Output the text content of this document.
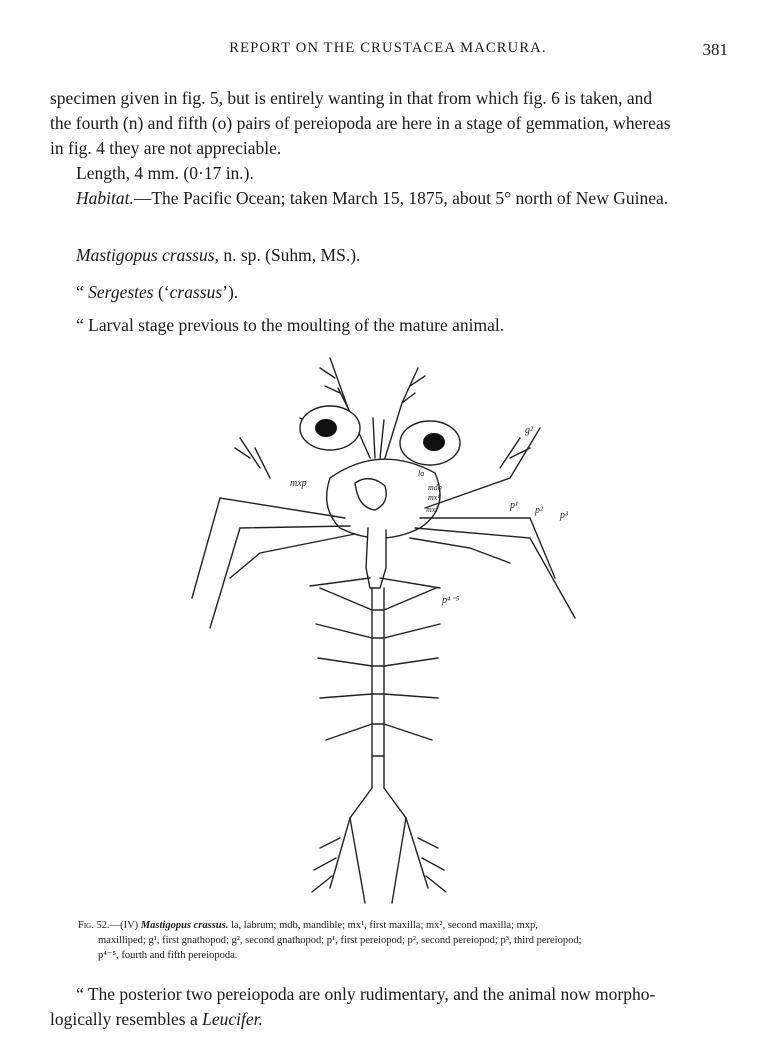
REPORT ON THE CRUSTACEA MACRURA.	381
specimen given in fig. 5, but is entirely wanting in that from which fig. 6 is taken, and
the fourth (n) and fifth (o) pairs of pereiopoda are here in a stage of gemmation, whereas
in fig. 4 they are not appreciable.
Length, 4 mm. (0·17 in.).
Habitat.—The Pacific Ocean; taken March 15, 1875, about 5° north of New Guinea.
Mastigopus crassus, n. sp. (Suhm, MS.).
“ Sergestes (‘crassus’).
“ Larval stage previous to the moulting of the mature animal.
g²
p¹ p² p³
p⁴⁻⁵
mxp
la
mdb
mx¹
mx²
Fig. 52.—(IV) Mastigopus crassus. la, labrum; mdb, mandible; mx¹, first maxilla; mx², second maxilla; mxp,
maxilliped; g¹, first gnathopod; g², second gnathopod; p¹, first pereiopod; p², second pereiopod; p³, third pereiopod;
p⁴⁻⁵, fourth and fifth pereiopoda.
“ The posterior two pereiopoda are only rudimentary, and the animal now morpho-
logically resembles a Leucifer.
